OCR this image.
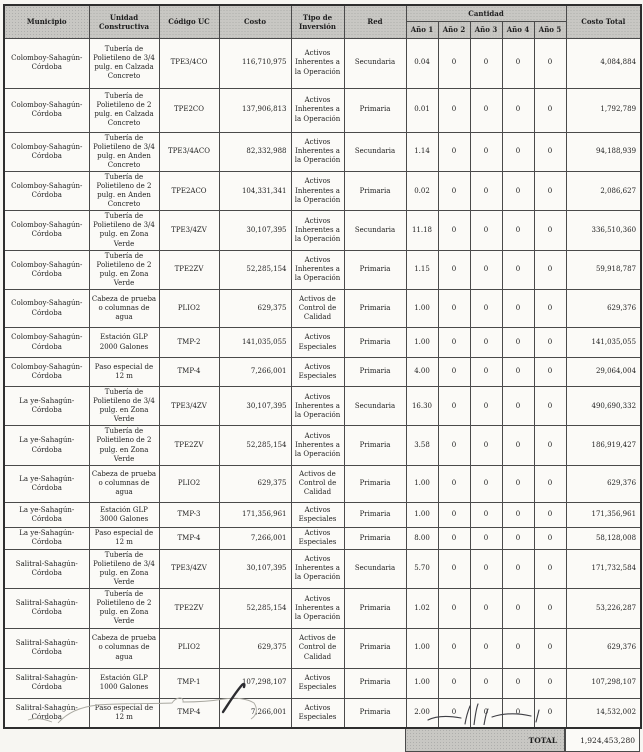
Municipio	Unidad Constructiva	Código UC	Costo	Tipo de Inversión	Red	Cantidad					Costo Total
						Año 1	Año 2	Año 3	Año 4	Año 5	
Colomboy-Sahagún-Córdoba	Tubería de Polietileno de 3/4 pulg. en Calzada Concreto	TPE3/4CO	116,710,975	Activos Inherentes a la Operación	Secundaria	0.04	0	0	0	0	4,084,884
Colomboy-Sahagún-Córdoba	Tubería de Polietileno de 2 pulg. en Calzada Concreto	TPE2CO	137,906,813	Activos Inherentes a la Operación	Primaria	0.01	0	0	0	0	1,792,789
Colomboy-Sahagún-Córdoba	Tubería de Polietileno de 3/4 pulg. en Anden Concreto	TPE3/4ACO	82,332,988	Activos Inherentes a la Operación	Secundaria	1.14	0	0	0	0	94,188,939
Colomboy-Sahagún-Córdoba	Tubería de Polietileno de 2 pulg. en Anden Concreto	TPE2ACO	104,331,341	Activos Inherentes a la Operación	Primaria	0.02	0	0	0	0	2,086,627
Colomboy-Sahagún-Córdoba	Tubería de Polietileno de 3/4 pulg. en Zona Verde	TPE3/4ZV	30,107,395	Activos Inherentes a la Operación	Secundaria	11.18	0	0	0	0	336,510,360
Colomboy-Sahagún-Córdoba	Tubería de Polietileno de 2 pulg. en Zona Verde	TPE2ZV	52,285,154	Activos Inherentes a la Operación	Primaria	1.15	0	0	0	0	59,918,787
Colomboy-Sahagún-Córdoba	Cabeza de prueba o columnas de agua	PLIO2	629,375	Activos de Control de Calidad	Primaria	1.00	0	0	0	0	629,376
Colomboy-Sahagún-Córdoba	Estación GLP 2000 Galones	TMP-2	141,035,055	Activos Especiales	Primaria	1.00	0	0	0	0	141,035,055
Colomboy-Sahagún-Córdoba	Paso especial de 12 m	TMP-4	7,266,001	Activos Especiales	Primaria	4.00	0	0	0	0	29,064,004
La ye-Sahagún-Córdoba	Tubería de Polietileno de 3/4 pulg. en Zona Verde	TPE3/4ZV	30,107,395	Activos Inherentes a la Operación	Secundaria	16.30	0	0	0	0	490,690,332
La ye-Sahagún-Córdoba	Tubería de Polietileno de 2 pulg. en Zona Verde	TPE2ZV	52,285,154	Activos Inherentes a la Operación	Primaria	3.58	0	0	0	0	186,919,427
La ye-Sahagún-Córdoba	Cabeza de prueba o columnas de agua	PLIO2	629,375	Activos de Control de Calidad	Primaria	1.00	0	0	0	0	629,376
La ye-Sahagún-Córdoba	Estación GLP 3000 Galones	TMP-3	171,356,961	Activos Especiales	Primaria	1.00	0	0	0	0	171,356,961
La ye-Sahagún-Córdoba	Paso especial de 12 m	TMP-4	7,266,001	Activos Especiales	Primaria	8.00	0	0	0	0	58,128,008
Salitral-Sahagún-Córdoba	Tubería de Polietileno de 3/4 pulg. en Zona Verde	TPE3/4ZV	30,107,395	Activos Inherentes a la Operación	Secundaria	5.70	0	0	0	0	171,732,584
Salitral-Sahagún-Córdoba	Tubería de Polietileno de 2 pulg. en Zona Verde	TPE2ZV	52,285,154	Activos Inherentes a la Operación	Primaria	1.02	0	0	0	0	53,226,287
Salitral-Sahagún-Córdoba	Cabeza de prueba o columnas de agua	PLIO2	629,375	Activos de Control de Calidad	Primaria	1.00	0	0	0	0	629,376
Salitral-Sahagún-Córdoba	Estación GLP 1000 Galones	TMP-1	107,298,107	Activos Especiales	Primaria	1.00	0	0	0	0	107,298,107
Salitral-Sahagún-Córdoba	Paso especial de 12 m	TMP-4	7,266,001	Activos Especiales	Primaria	2.00	0	0	0	0	14,532,002
TOTAL	1,924,453,280
